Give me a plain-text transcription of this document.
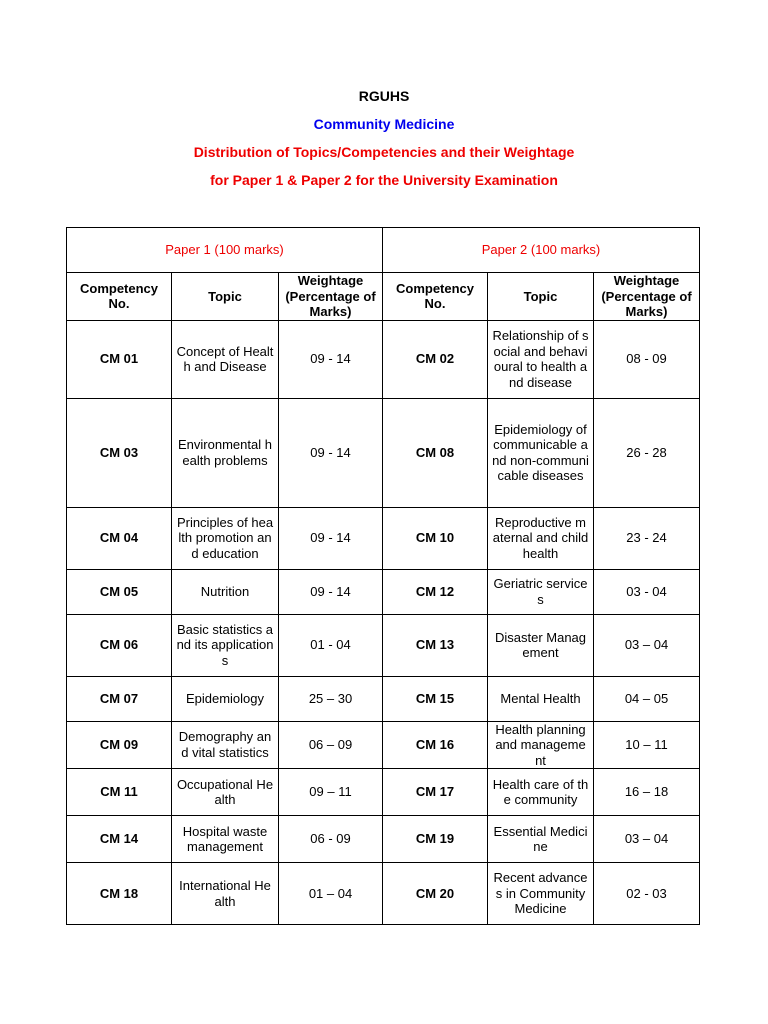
RGUHS

Community Medicine

Distribution of Topics/Competencies and their Weightage

for Paper 1 & Paper 2 for the University Examination

Paper 1 (100 marks)			Paper 2 (100 marks)		
Competency No.	Topic	Weightage (Percentage of Marks)	Competency No.	Topic	Weightage (Percentage of Marks)
CM 01	Concept of Health and Disease	09 - 14	CM 02	Relationship of social and behavioural to health and disease	08 - 09
CM 03	Environmental health problems	09 - 14	CM 08	Epidemiology of communicable and non-communicable diseases	26 - 28
CM 04	Principles of health promotion and education	09 - 14	CM 10	Reproductive maternal and child health	23 - 24
CM 05	Nutrition	09 - 14	CM 12	Geriatric services	03 - 04
CM 06	Basic statistics and its applications	01 - 04	CM 13	Disaster Management	03 – 04
CM 07	Epidemiology	25 – 30	CM 15	Mental Health	04 – 05
CM 09	Demography and vital statistics	06 – 09	CM 16	Health planning and management	10 – 11
CM 11	Occupational Health	09 – 11	CM 17	Health care of the community	16 – 18
CM 14	Hospital waste management	06 - 09	CM 19	Essential Medicine	03 – 04
CM 18	International Health	01 – 04	CM 20	Recent advances in Community Medicine	02 - 03
